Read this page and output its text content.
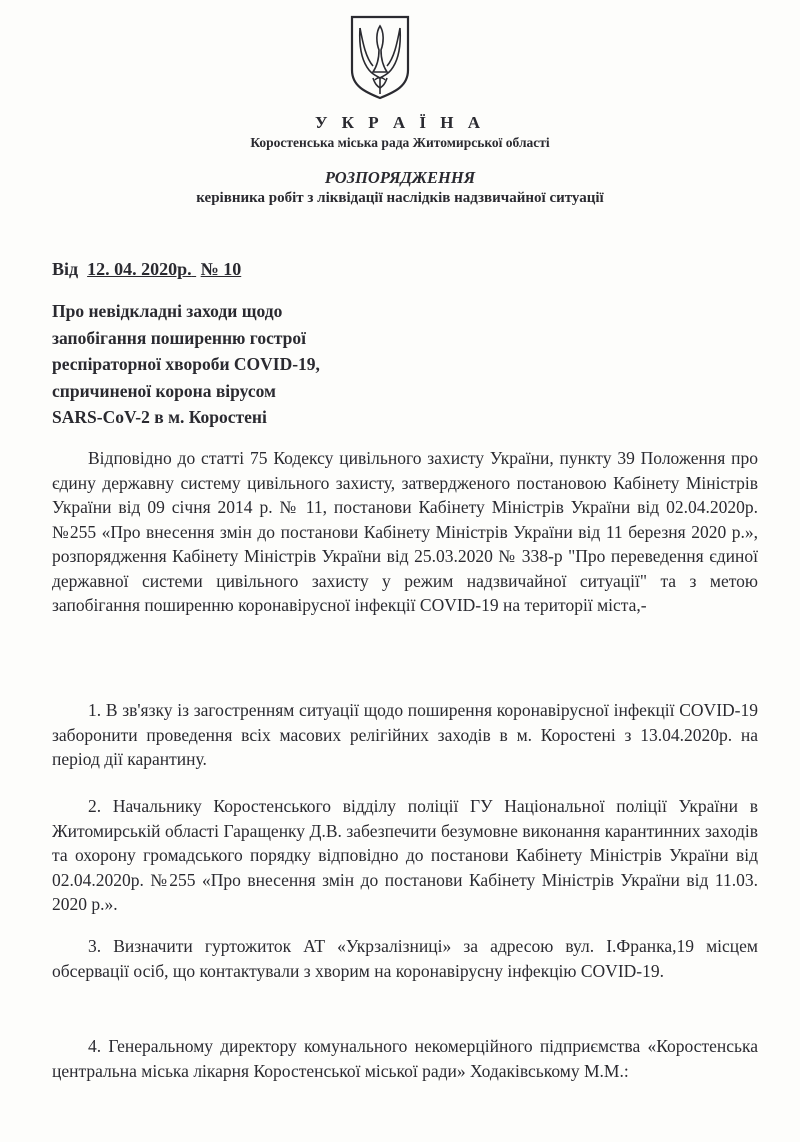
У К Р А Ї Н А
Коростенська міська рада Житомирської області
РОЗПОРЯДЖЕННЯ
керівника робіт з ліквідації наслідків надзвичайної ситуації
Від 12. 04. 2020р. № 10
Про невідкладні заходи щодо
запобігання поширенню гострої
респіраторної хвороби COVID-19,
спричиненої корона вірусом
SARS-CoV-2 в м. Коростені
Відповідно до статті 75 Кодексу цивільного захисту України, пункту 39 Положення про єдину державну систему цивільного захисту, затвердженого постановою Кабінету Міністрів України від 09 січня 2014 р. № 11, постанови Кабінету Міністрів України від 02.04.2020р. №255 «Про внесення змін до постанови Кабінету Міністрів України від 11 березня 2020 р.», розпорядження Кабінету Міністрів України від 25.03.2020 № 338-р "Про переведення єдиної державної системи цивільного захисту у режим надзвичайної ситуації" та з метою запобігання поширенню коронавірусної інфекції COVID-19 на території міста,-
1. В зв'язку із загостренням ситуації щодо поширення коронавірусної інфекції COVID-19 заборонити проведення всіх масових релігійних заходів в м. Коростені з 13.04.2020р. на період дії карантину.
2. Начальнику Коростенського відділу поліції ГУ Національної поліції України в Житомирській області Гаращенку Д.В. забезпечити безумовне виконання карантинних заходів та охорону громадського порядку відповідно до постанови Кабінету Міністрів України від 02.04.2020р. №255 «Про внесення змін до постанови Кабінету Міністрів України від 11.03. 2020 р.».
3. Визначити гуртожиток АТ «Укрзалізниці» за адресою вул. І.Франка,19 місцем обсервації осіб, що контактували з хворим на коронавірусну інфекцію COVID-19.
4. Генеральному директору комунального некомерційного підприємства «Коростенська центральна міська лікарня Коростенської міської ради» Ходаківському М.М.:
